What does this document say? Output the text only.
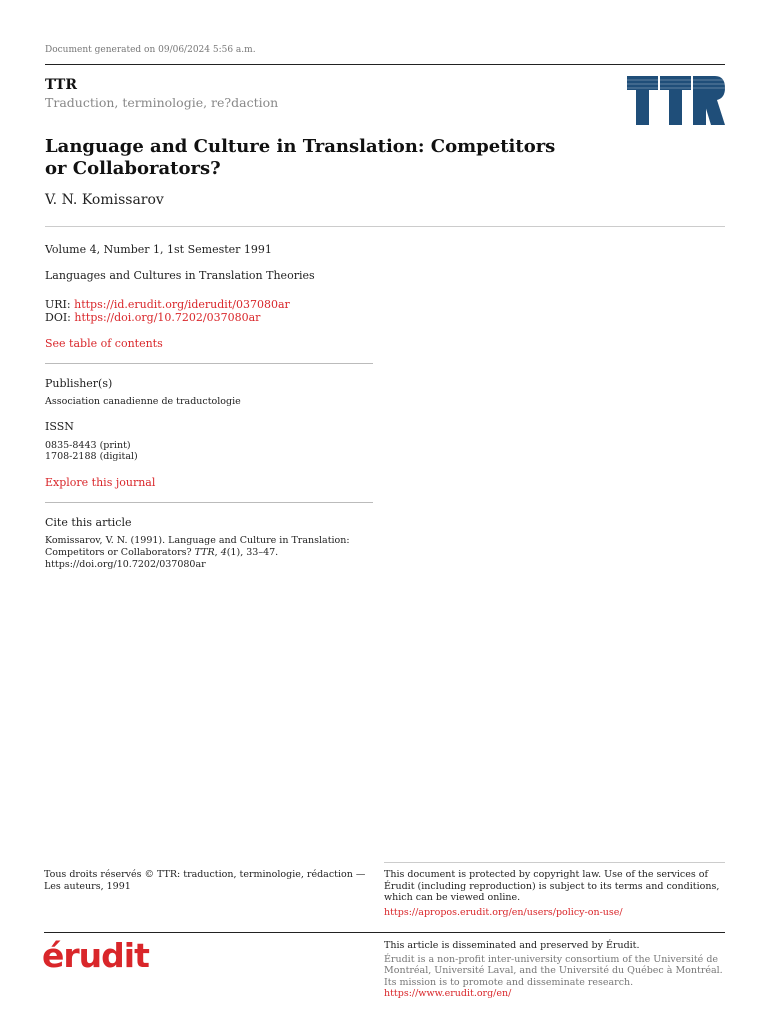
Document generated on 09/06/2024 5:56 a.m.
TTR
Traduction, terminologie, re?daction
Language and Culture in Translation: Competitors or Collaborators?
V. N. Komissarov
Volume 4, Number 1, 1st Semester 1991
Languages and Cultures in Translation Theories
URI: https://id.erudit.org/iderudit/037080ar
DOI: https://doi.org/10.7202/037080ar
See table of contents
Publisher(s)
Association canadienne de traductologie
ISSN
0835-8443 (print)
1708-2188 (digital)
Explore this journal
Cite this article
Komissarov, V. N. (1991). Language and Culture in Translation: Competitors or Collaborators? TTR, 4(1), 33–47. https://doi.org/10.7202/037080ar
Tous droits réservés © TTR: traduction, terminologie, rédaction — Les auteurs, 1991
This document is protected by copyright law. Use of the services of Érudit (including reproduction) is subject to its terms and conditions, which can be viewed online.
https://apropos.erudit.org/en/users/policy-on-use/
érudit	This article is disseminated and preserved by Érudit.
Érudit is a non-profit inter-university consortium of the Université de Montréal, Université Laval, and the Université du Québec à Montréal. Its mission is to promote and disseminate research.
https://www.erudit.org/en/
